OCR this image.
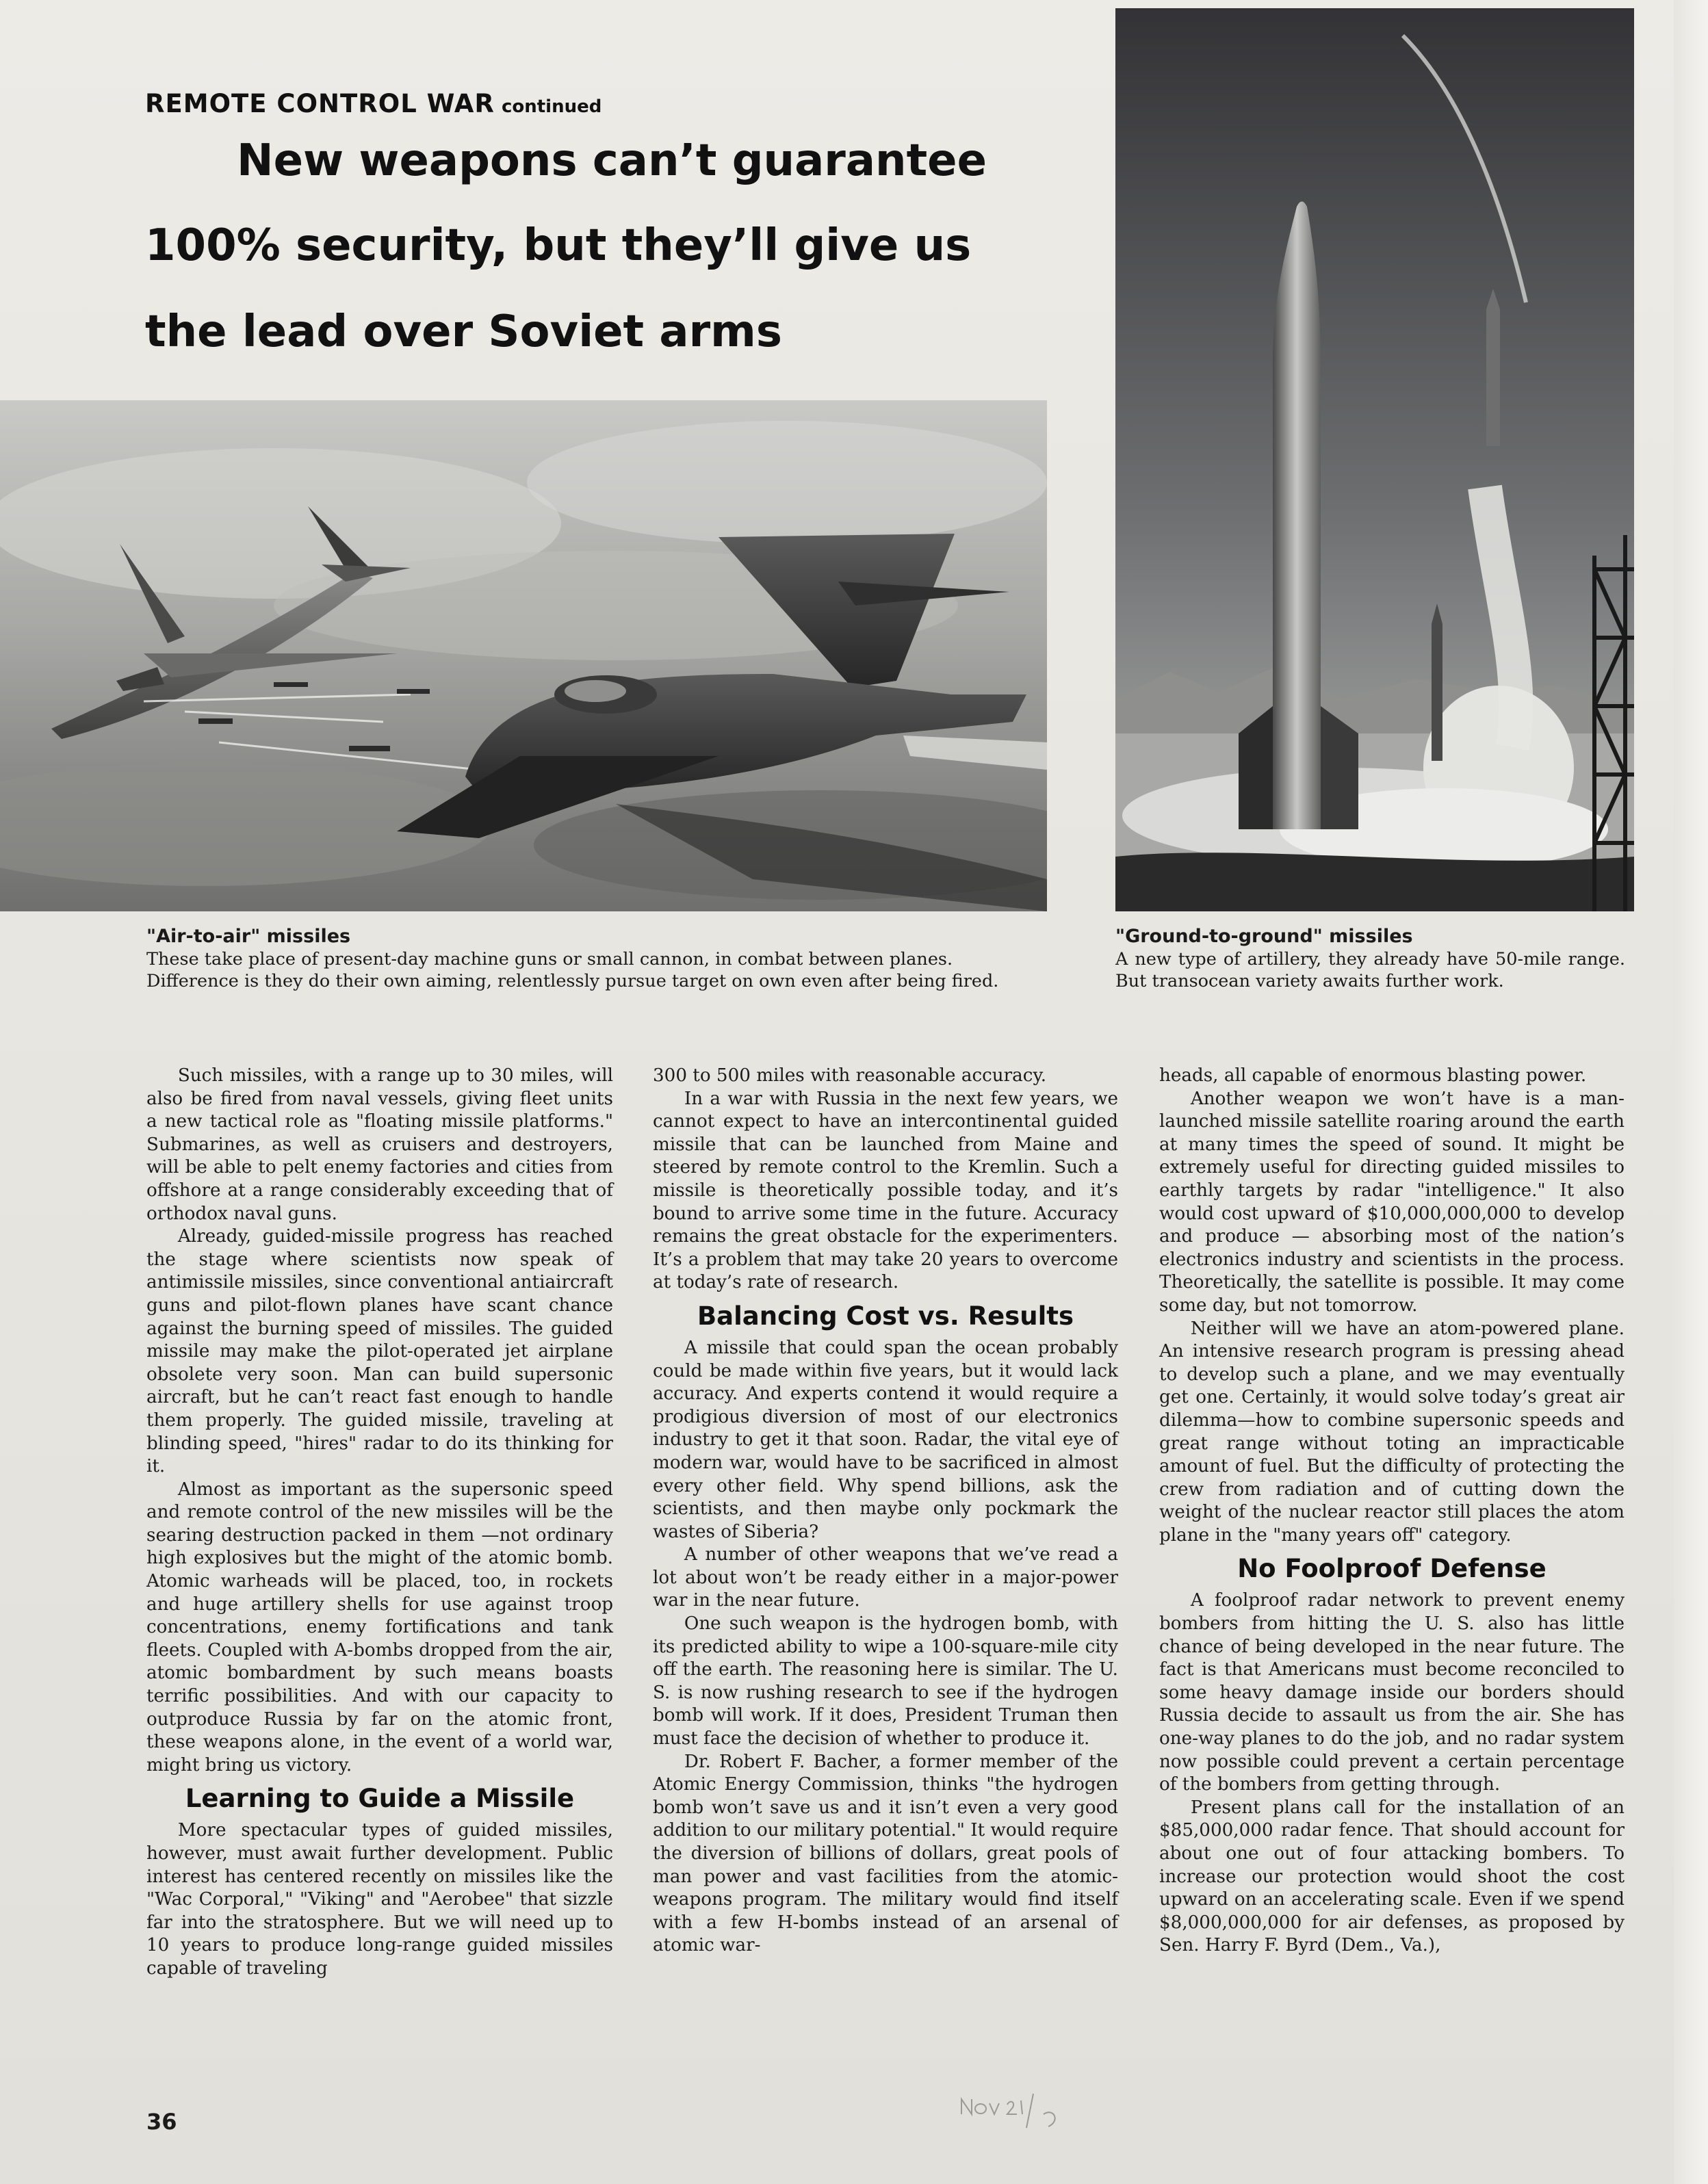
REMOTE CONTROL WAR continued
New weapons can’t guarantee
100% security, but they’ll give us
the lead over Soviet arms
"Air-to-air" missiles
These take place of present-day machine guns or small cannon, in combat between planes. Difference is they do their own aiming, relentlessly pursue target on own even after being fired.
"Ground-to-ground" missiles
A new type of artillery, they already have 50-mile range. But transocean variety awaits further work.

Such missiles, with a range up to 30 miles, will also be fired from naval vessels, giving fleet units a new tactical role as "floating missile platforms." Submarines, as well as cruisers and destroyers, will be able to pelt enemy factories and cities from offshore at a range considerably exceeding that of orthodox naval guns.

Already, guided-missile progress has reached the stage where scientists now speak of antimissile missiles, since conventional antiaircraft guns and pilot-flown planes have scant chance against the burning speed of missiles. The guided missile may make the pilot-operated jet airplane obsolete very soon. Man can build supersonic aircraft, but he can’t react fast enough to handle them properly. The guided missile, traveling at blinding speed, "hires" radar to do its thinking for it.

Almost as important as the supersonic speed and remote control of the new missiles will be the searing destruction packed in them —not ordinary high explosives but the might of the atomic bomb. Atomic warheads will be placed, too, in rockets and huge artillery shells for use against troop concentrations, enemy fortifications and tank fleets. Coupled with A-bombs dropped from the air, atomic bombardment by such means boasts terrific possibilities. And with our capacity to outproduce Russia by far on the atomic front, these weapons alone, in the event of a world war, might bring us victory.

Learning to Guide a Missile

More spectacular types of guided missiles, however, must await further development. Public interest has centered recently on missiles like the "Wac Corporal," "Viking" and "Aerobee" that sizzle far into the stratosphere. But we will need up to 10 years to produce long-range guided missiles capable of traveling

300 to 500 miles with reasonable accuracy.

In a war with Russia in the next few years, we cannot expect to have an intercontinental guided missile that can be launched from Maine and steered by remote control to the Kremlin. Such a missile is theoretically possible today, and it’s bound to arrive some time in the future. Accuracy remains the great obstacle for the experimenters. It’s a problem that may take 20 years to overcome at today’s rate of research.

Balancing Cost vs. Results

A missile that could span the ocean probably could be made within five years, but it would lack accuracy. And experts contend it would require a prodigious diversion of most of our electronics industry to get it that soon. Radar, the vital eye of modern war, would have to be sacrificed in almost every other field. Why spend billions, ask the scientists, and then maybe only pockmark the wastes of Siberia?

A number of other weapons that we’ve read a lot about won’t be ready either in a major-power war in the near future.

One such weapon is the hydrogen bomb, with its predicted ability to wipe a 100-square-mile city off the earth. The reasoning here is similar. The U. S. is now rushing research to see if the hydrogen bomb will work. If it does, President Truman then must face the decision of whether to produce it.

Dr. Robert F. Bacher, a former member of the Atomic Energy Commission, thinks "the hydrogen bomb won’t save us and it isn’t even a very good addition to our military potential." It would require the diversion of billions of dollars, great pools of man power and vast facilities from the atomic-weapons program. The military would find itself with a few H-bombs instead of an arsenal of atomic war-

heads, all capable of enormous blasting power.

Another weapon we won’t have is a man-launched missile satellite roaring around the earth at many times the speed of sound. It might be extremely useful for directing guided missiles to earthly targets by radar "intelligence." It also would cost upward of $10,000,000,000 to develop and produce — absorbing most of the nation’s electronics industry and scientists in the process. Theoretically, the satellite is possible. It may come some day, but not tomorrow.

Neither will we have an atom-powered plane. An intensive research program is pressing ahead to develop such a plane, and we may eventually get one. Certainly, it would solve today’s great air dilemma—how to combine supersonic speeds and great range without toting an impracticable amount of fuel. But the difficulty of protecting the crew from radiation and of cutting down the weight of the nuclear reactor still places the atom plane in the "many years off" category.

No Foolproof Defense

A foolproof radar network to prevent enemy bombers from hitting the U. S. also has little chance of being developed in the near future. The fact is that Americans must become reconciled to some heavy damage inside our borders should Russia decide to assault us from the air. She has one-way planes to do the job, and no radar system now possible could prevent a certain percentage of the bombers from getting through.

Present plans call for the installation of an $85,000,000 radar fence. That should account for about one out of four attacking bombers. To increase our protection would shoot the cost upward on an accelerating scale. Even if we spend $8,000,000,000 for air defenses, as proposed by Sen. Harry F. Byrd (Dem., Va.),

36
